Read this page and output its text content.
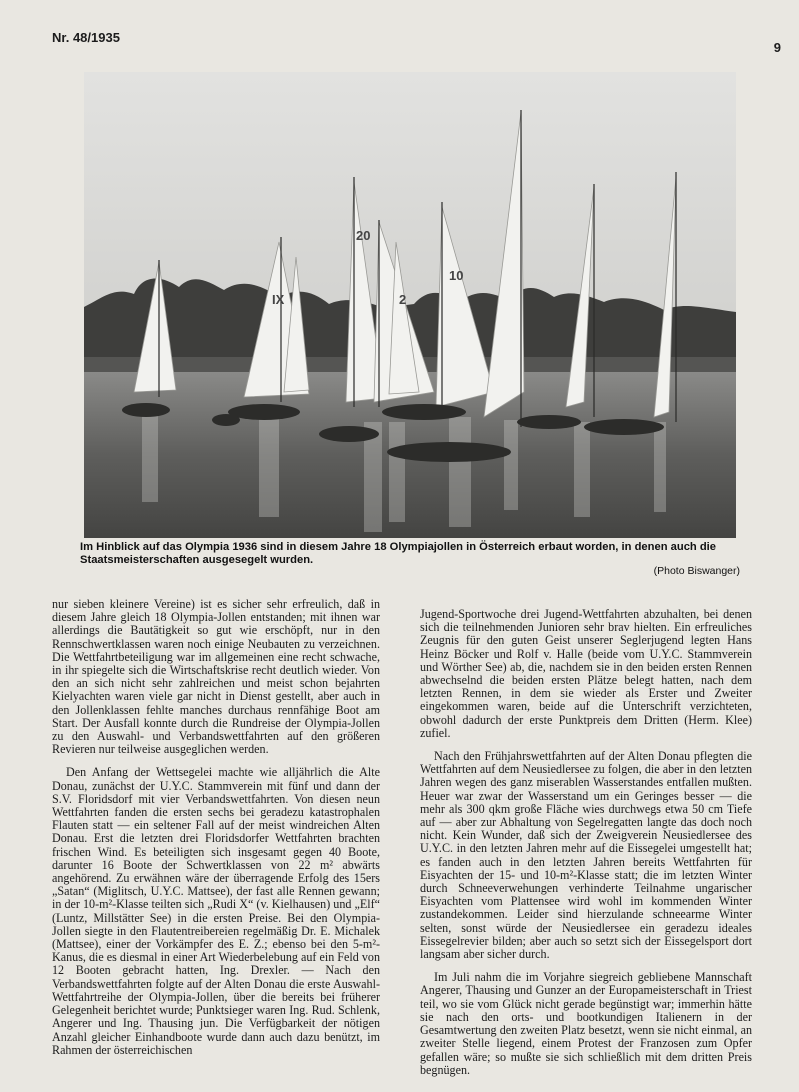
Nr. 48/1935
9
IX
20
2
10
Im Hinblick auf das Olympia 1936 sind in diesem Jahre 18 Olympiajollen in Österreich erbaut worden, in denen auch die Staatsmeisterschaften ausgesegelt wurden.
(Photo Biswanger)

nur sieben kleinere Vereine) ist es sicher sehr erfreulich, daß in diesem Jahre gleich 18 Olympia-Jollen entstanden; mit ihnen war allerdings die Bautätigkeit so gut wie erschöpft, nur in den Rennschwertklassen waren noch einige Neubauten zu verzeichnen. Die Wettfahrtbeteiligung war im allgemeinen eine recht schwache, in ihr spiegelte sich die Wirtschaftskrise recht deutlich wieder. Von den an sich nicht sehr zahlreichen und meist schon bejahrten Kielyachten waren viele gar nicht in Dienst gestellt, aber auch in den Jollenklassen fehlte manches durchaus rennfähige Boot am Start. Der Ausfall konnte durch die Rundreise der Olympia-Jollen zu den Auswahl- und Verbandswettfahrten auf den größeren Revieren nur teilweise ausgeglichen werden.

Den Anfang der Wettsegelei machte wie alljährlich die Alte Donau, zunächst der U.Y.C. Stammverein mit fünf und dann der S.V. Floridsdorf mit vier Verbandswettfahrten. Von diesen neun Wettfahrten fanden die ersten sechs bei geradezu katastrophalen Flauten statt — ein seltener Fall auf der meist windreichen Alten Donau. Erst die letzten drei Floridsdorfer Wettfahrten brachten frischen Wind. Es beteiligten sich insgesamt gegen 40 Boote, darunter 16 Boote der Schwertklassen von 22 m² abwärts angehörend. Zu erwähnen wäre der überragende Erfolg des 15ers „Satan“ (Miglitsch, U.Y.C. Mattsee), der fast alle Rennen gewann; in der 10-m²-Klasse teilten sich „Rudi X“ (v. Kielhausen) und „Elf“ (Luntz, Millstätter See) in die ersten Preise. Bei den Olympia-Jollen siegte in den Flautentreibereien regelmäßig Dr. E. Michalek (Mattsee), einer der Vorkämpfer des E. Z.; ebenso bei den 5-m²-Kanus, die es diesmal in einer Art Wiederbelebung auf ein Feld von 12 Booten gebracht hatten, Ing. Drexler. — Nach den Verbandswettfahrten folgte auf der Alten Donau die erste Auswahl-Wettfahrtreihe der Olympia-Jollen, über die bereits bei früherer Gelegenheit berichtet wurde; Punktsieger waren Ing. Rud. Schlenk, Angerer und Ing. Thausing jun. Die Verfügbarkeit der nötigen Anzahl gleicher Einhandboote wurde dann auch dazu benützt, im Rahmen der österreichischen

Jugend-Sportwoche drei Jugend-Wettfahrten abzuhalten, bei denen sich die teilnehmenden Junioren sehr brav hielten. Ein erfreuliches Zeugnis für den guten Geist unserer Seglerjugend legten Hans Heinz Böcker und Rolf v. Halle (beide vom U.Y.C. Stammverein und Wörther See) ab, die, nachdem sie in den beiden ersten Rennen abwechselnd die beiden ersten Plätze belegt hatten, nach dem letzten Rennen, in dem sie wieder als Erster und Zweiter eingekommen waren, beide auf die Unterschrift verzichteten, obwohl dadurch der erste Punktpreis dem Dritten (Herm. Klee) zufiel.

Nach den Frühjahrswettfahrten auf der Alten Donau pflegten die Wettfahrten auf dem Neusiedlersee zu folgen, die aber in den letzten Jahren wegen des ganz miserablen Wasserstandes entfallen mußten. Heuer war zwar der Wasserstand um ein Geringes besser — die mehr als 300 qkm große Fläche wies durchwegs etwa 50 cm Tiefe auf — aber zur Abhaltung von Segelregatten langte das doch noch nicht. Kein Wunder, daß sich der Zweigverein Neusiedlersee des U.Y.C. in den letzten Jahren mehr auf die Eissegelei umgestellt hat; es fanden auch in den letzten Jahren bereits Wettfahrten für Eisyachten der 15- und 10-m²-Klasse statt; die im letzten Winter durch Schneeverwehungen verhinderte Teilnahme ungarischer Eisyachten vom Plattensee wird wohl im kommenden Winter zustandekommen. Leider sind hierzulande schneearme Winter selten, sonst würde der Neusiedlersee ein geradezu ideales Eissegelrevier bilden; aber auch so setzt sich der Eissegelsport dort langsam aber sicher durch.

Im Juli nahm die im Vorjahre siegreich gebliebene Mannschaft Angerer, Thausing und Gunzer an der Europameisterschaft in Triest teil, wo sie vom Glück nicht gerade begünstigt war; immerhin hätte sie nach den orts- und bootkundigen Italienern in der Gesamtwertung den zweiten Platz besetzt, wenn sie nicht einmal, an zweiter Stelle liegend, einem Protest der Franzosen zum Opfer gefallen wäre; so mußte sie sich schließlich mit dem dritten Preis begnügen.
